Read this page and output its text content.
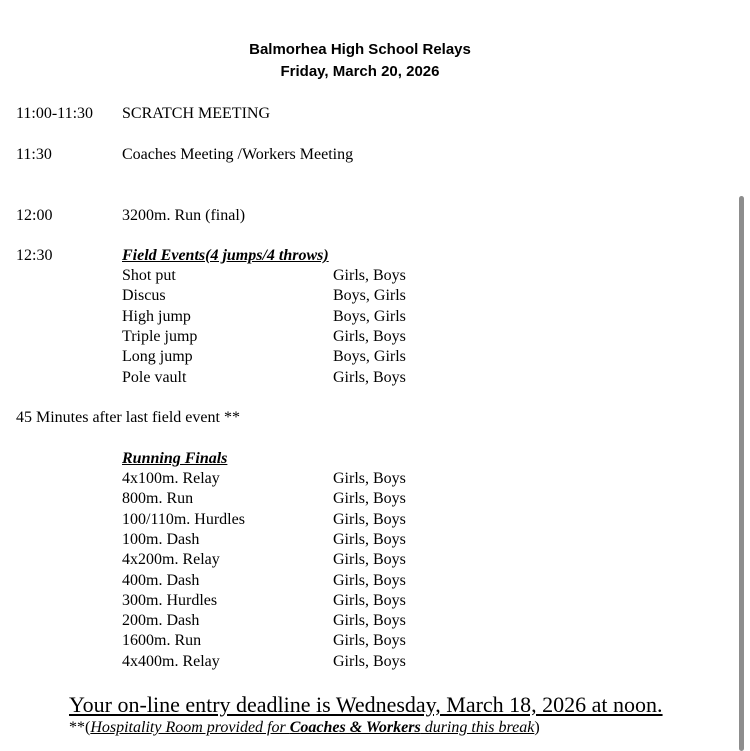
Balmorhea High School Relays
Friday, March 20, 2026
11:00-11:30 SCRATCH MEETING
11:30	Coaches Meeting /Workers Meeting
12:00	3200m. Run (final)
12:30	Field Events(4 jumps/4 throws)
Shot put	Girls, Boys
Discus	Boys, Girls
High jump	Boys, Girls
Triple jump	Girls, Boys
Long jump	Boys, Girls
Pole vault	Girls, Boys
45 Minutes after last field event **
Running Finals
4x100m. Relay	Girls, Boys
800m. Run	Girls, Boys
100/110m. Hurdles	Girls, Boys
100m. Dash	Girls, Boys
4x200m. Relay	Girls, Boys
400m. Dash	Girls, Boys
300m. Hurdles	Girls, Boys
200m. Dash	Girls, Boys
1600m. Run	Girls, Boys
4x400m. Relay	Girls, Boys
Your on-line entry deadline is Wednesday, March 18, 2026 at noon.
**(Hospitality Room provided for Coaches & Workers during this break)
